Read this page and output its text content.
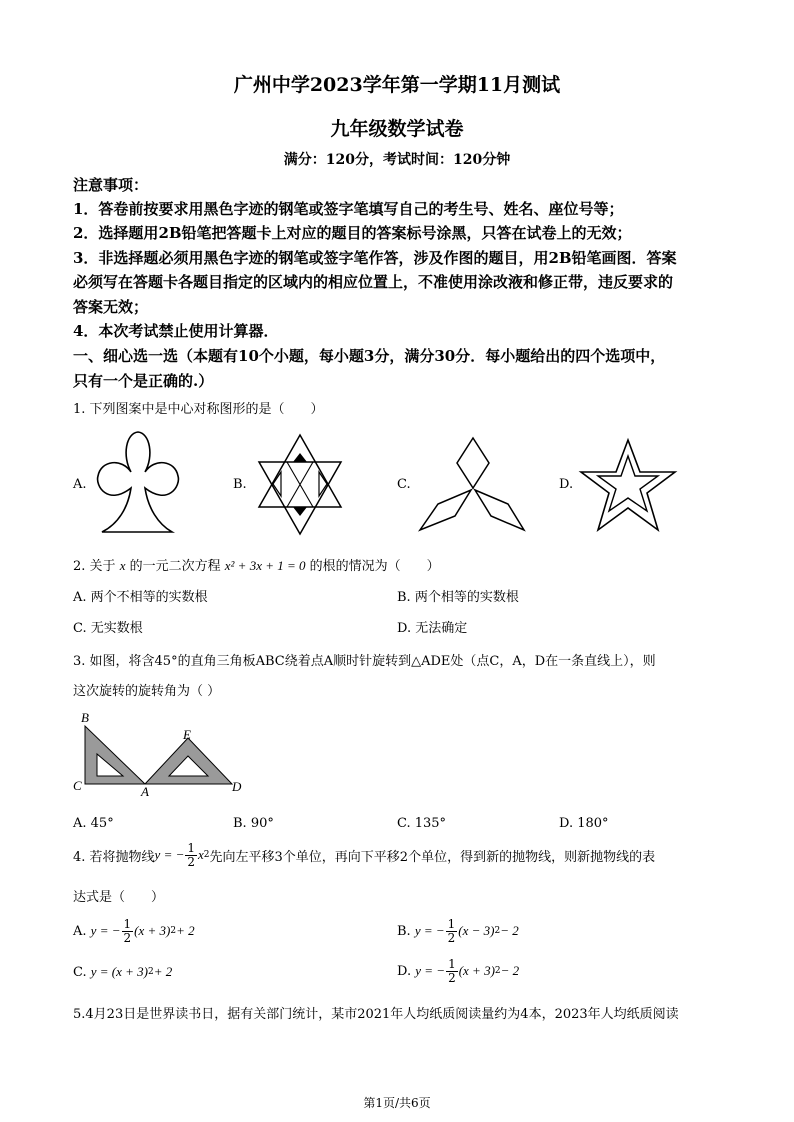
广州中学2023学年第一学期11月测试
九年级数学试卷
满分：120分，考试时间：120分钟
注意事项：
1．答卷前按要求用黑色字迹的钢笔或签字笔填写自己的考生号、姓名、座位号等；
2．选择题用2B铅笔把答题卡上对应的题目的答案标号涂黑，只答在试卷上的无效；
3．非选择题必须用黑色字迹的钢笔或签字笔作答，涉及作图的题目，用2B铅笔画图．答案
必须写在答题卡各题目指定的区域内的相应位置上，不准使用涂改液和修正带，违反要求的
答案无效；
4．本次考试禁止使用计算器．
一、细心选一选（本题有10个小题，每小题3分，满分30分．每小题给出的四个选项中，
只有一个是正确的.）
1. 下列图案中是中心对称图形的是（　　）
A.	B.	C.	D.
2. 关于 x 的一元二次方程 x² + 3x + 1 = 0 的根的情况为（　　）
A. 两个不相等的实数根	B. 两个相等的实数根
C. 无实数根	D. 无法确定
3. 如图，将含45°的直角三角板ABC绕着点A顺时针旋转到△ADE处（点C，A，D在一条直线上），则
这次旋转的旋转角为（ ）
B
E
C	A	D
A. 45°	B. 90°	C. 135°	D. 180°
4. 若将抛物线 y = − $\frac{1}{2}$ x 2 先向左平移3个单位，再向下平移2个单位，得到新的抛物线，则新抛物线的表
达式是（　　）
A.
y = − $\frac{1}{2} (x + 3) 2 + 2$	B.
y = − $\frac{1}{2} (x - 3) 2 - 2$
C.
y = (x + 3) 2 + 2	D.
y = − $\frac{1}{2} (x + 3) 2 - 2$
5.4月23日是世界读书日，据有关部门统计，某市2021年人均纸质阅读量约为4本，2023年人均纸质阅读
第1页/共6页
